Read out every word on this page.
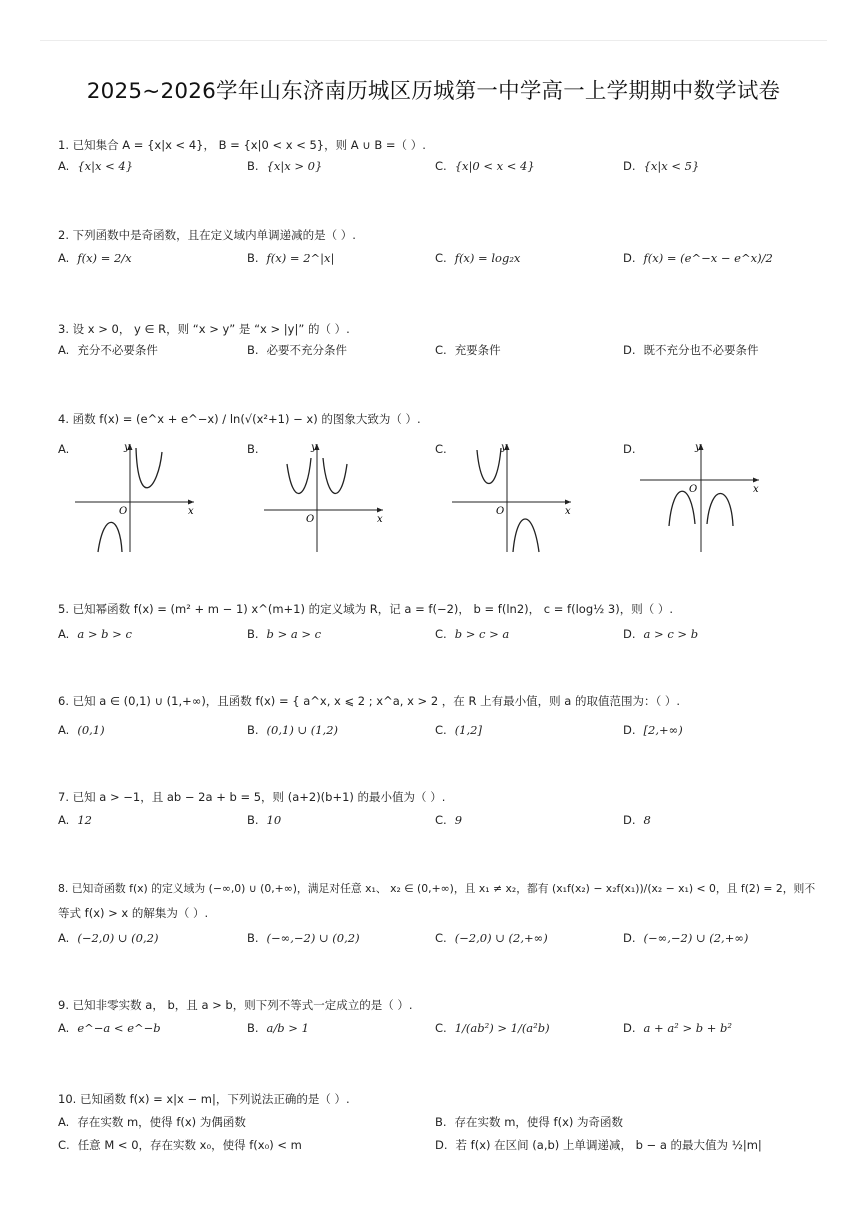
2025~2026学年山东济南历城区历城第一中学高一上学期期中数学试卷
1. 已知集合 A = {x|x < 4}， B = {x|0 < x < 5}，则 A ∪ B =（ ）.
A. {x|x < 4}	B. {x|x > 0}	C. {x|0 < x < 4}	D. {x|x < 5}
2. 下列函数中是奇函数，且在定义域内单调递减的是（ ）.
A. f(x) = 2/x	B. f(x) = 2^|x|	C. f(x) = log₂x	D. f(x) = (e^−x − e^x)/2
3. 设 x > 0， y ∈ R，则 “x > y” 是 “x > |y|” 的（ ）.
A. 充分不必要条件	B. 必要不充分条件	C. 充要条件	D. 既不充分也不必要条件
4. 函数 f(x) = (e^x + e^−x) / ln(√(x²+1) − x) 的图象大致为（ ）.
A.	y
x
O
B.	y
x
O
C.	y
x
O
D.	y
x
O
5. 已知幂函数 f(x) = (m² + m − 1) x^(m+1) 的定义域为 R，记 a = f(−2)， b = f(ln2)， c = f(log½ 3)，则（ ）.
A. a > b > c	B. b > a > c	C. b > c > a	D. a > c > b
6. 已知 a ∈ (0,1) ∪ (1,+∞)，且函数 f(x) = { a^x, x ⩽ 2 ; x^a, x > 2 ，在 R 上有最小值，则 a 的取值范围为：（ ）.
A. (0,1)	B. (0,1) ∪ (1,2)	C. (1,2]	D. [2,+∞)
7. 已知 a > −1，且 ab − 2a + b = 5，则 (a+2)(b+1) 的最小值为（ ）.
A. 12	B. 10	C. 9	D. 8
8. 已知奇函数 f(x) 的定义域为 (−∞,0) ∪ (0,+∞)，满足对任意 x₁、 x₂ ∈ (0,+∞)，且 x₁ ≠ x₂，都有 (x₁f(x₂) − x₂f(x₁))/(x₂ − x₁) < 0，且 f(2) = 2，则不
等式 f(x) > x 的解集为（ ）.
A. (−2,0) ∪ (0,2)	B. (−∞,−2) ∪ (0,2)	C. (−2,0) ∪ (2,+∞)	D. (−∞,−2) ∪ (2,+∞)
9. 已知非零实数 a， b，且 a > b，则下列不等式一定成立的是（ ）.
A. e^−a < e^−b	B. a/b > 1	C. 1/(ab²) > 1/(a²b)	D. a + a² > b + b²
10. 已知函数 f(x) = x|x − m|，下列说法正确的是（ ）.
A. 存在实数 m，使得 f(x) 为偶函数	B. 存在实数 m，使得 f(x) 为奇函数
C. 任意 M < 0，存在实数 x₀，使得 f(x₀) < m	D. 若 f(x) 在区间 (a,b) 上单调递减， b − a 的最大值为 ½|m|
